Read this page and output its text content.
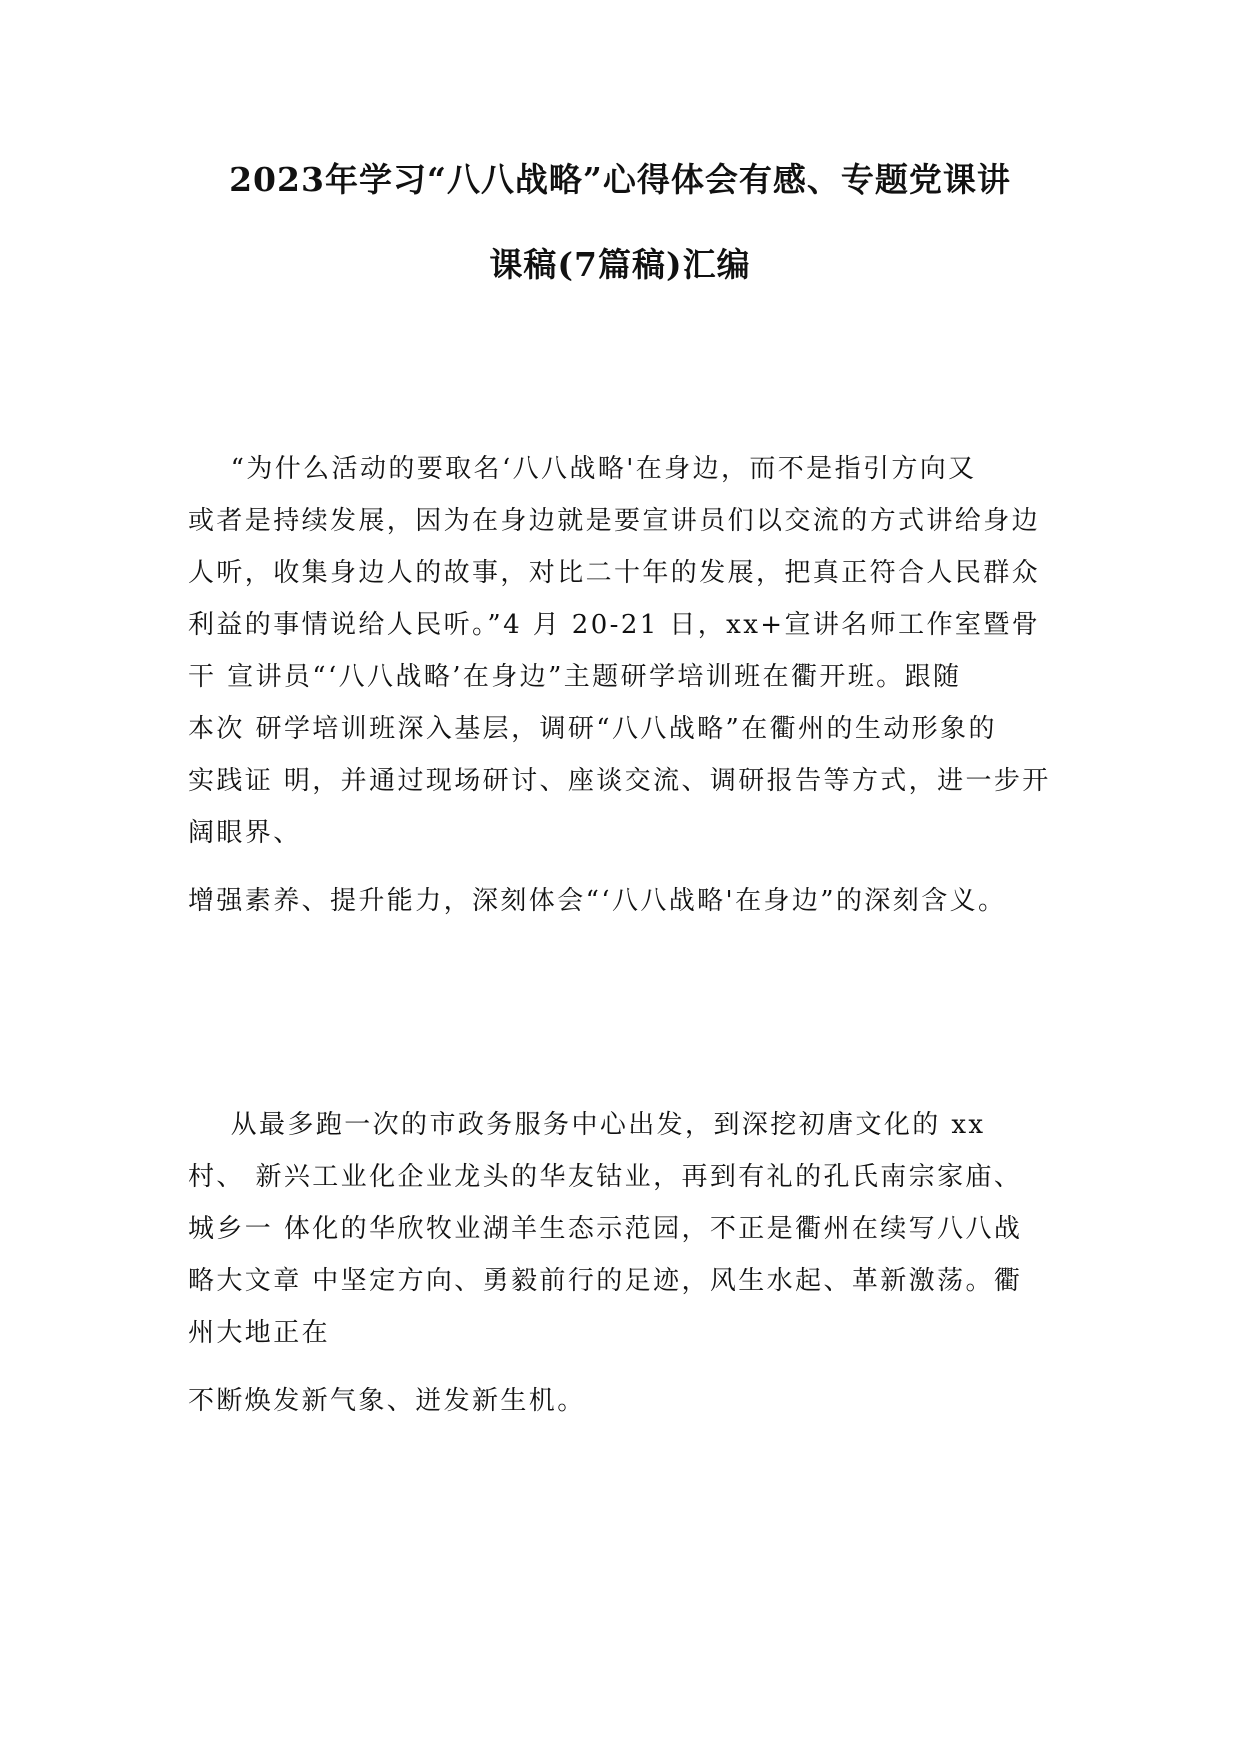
2023年学习“八八战略”心得体会有感、专题党课讲
课稿(7篇稿)汇编
“为什么活动的要取名‘八八战略'在身边，而不是指引方向又
或者是持续发展，因为在身边就是要宣讲员们以交流的方式讲给身边
人听，收集身边人的故事，对比二十年的发展，把真正符合人民群众
利益的事情说给人民听。”4 月 20-21 日，xx+宣讲名师工作室暨骨
干 宣讲员“‘八八战略’在身边”主题研学培训班在衢开班。跟随
本次 研学培训班深入基层，调研“八八战略”在衢州的生动形象的
实践证 明，并通过现场研讨、座谈交流、调研报告等方式，进一步开
阔眼界、
增强素养、提升能力，深刻体会“‘八八战略'在身边”的深刻含义。
从最多跑一次的市政务服务中心出发，到深挖初唐文化的 xx
村、 新兴工业化企业龙头的华友钴业，再到有礼的孔氏南宗家庙、
城乡一 体化的华欣牧业湖羊生态示范园，不正是衢州在续写八八战
略大文章 中坚定方向、勇毅前行的足迹，风生水起、革新激荡。衢
州大地正在
不断焕发新气象、迸发新生机。
